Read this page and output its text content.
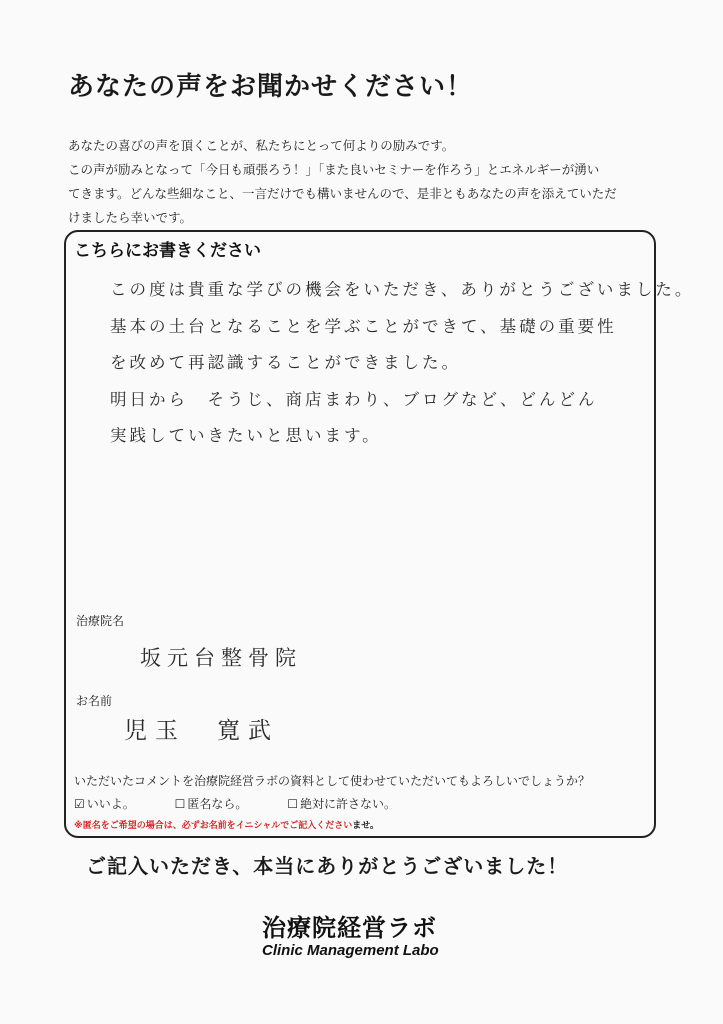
あなたの声をお聞かせください！
あなたの喜びの声を頂くことが、私たちにとって何よりの励みです。
この声が励みとなって「今日も頑張ろう！」「また良いセミナーを作ろう」とエネルギーが湧い
てきます。どんな些細なこと、一言だけでも構いませんので、是非ともあなたの声を添えていただ
けましたら幸いです。
こちらにお書きください
この度は貴重な学びの機会をいただき、ありがとうございました。
基本の土台となることを学ぶことができて、基礎の重要性
を改めて再認識することができました。
明日から　そうじ、商店まわり、ブログなど、どんどん
実践していきたいと思います。
治療院名
坂元台整骨院
お名前
児玉　寛武
いただいたコメントを治療院経営ラボの資料として使わせていただいてもよろしいでしょうか？
☑ いいよ。	☐ 匿名なら。	☐ 絶対に許さない。
※匿名をご希望の場合は、必ずお名前をイニシャルでご記入くださいませ。
ご記入いただき、本当にありがとうございました！
治療院経営ラボ
Clinic Management Labo
